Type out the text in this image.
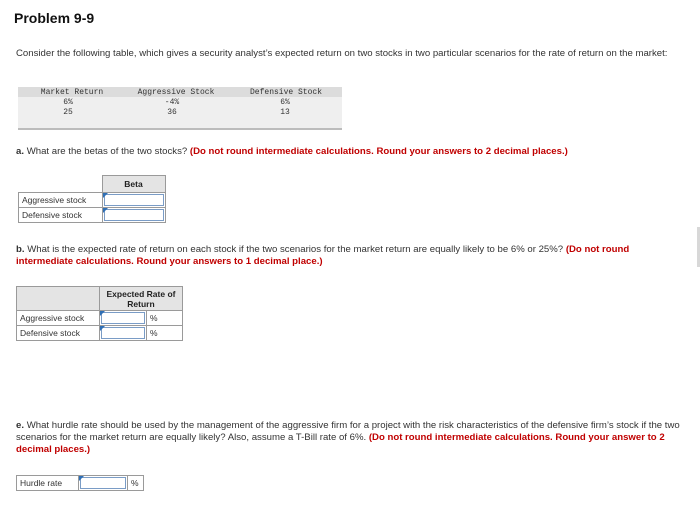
Problem 9-9
Consider the following table, which gives a security analyst’s expected return on two stocks in two particular scenarios for the rate of return on the market:
Market Return	Aggressive Stock	Defensive Stock
6%	-4%	6%
25	36	13
a. What are the betas of the two stocks? (Do not round intermediate calculations. Round your answers to 2 decimal places.)
	Beta
Aggressive stock	

Defensive stock	
b. What is the expected rate of return on each stock if the two scenarios for the market return are equally likely to be 6% or 25%? (Do not round intermediate calculations. Round your answers to 1 decimal place.)

	Expected Rate of
Return	

Aggressive stock		%
Defensive stock		%
e. What hurdle rate should be used by the management of the aggressive firm for a project with the risk characteristics of the defensive firm’s stock if the two scenarios for the market return are equally likely? Also, assume a T-Bill rate of 6%. (Do not round intermediate calculations. Round your answer to 2 decimal places.)
Hurdle rate		%
